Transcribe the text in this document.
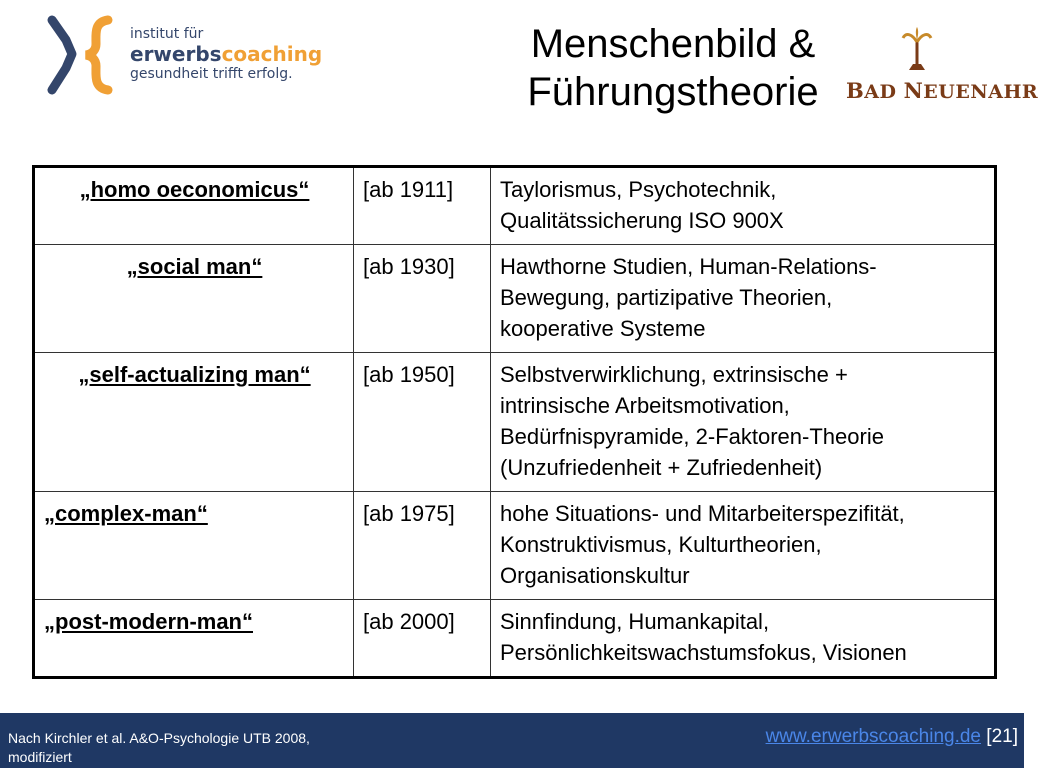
institut für
erwerbscoaching
gesundheit trifft erfolg.
Menschenbild &
Führungstheorie	BAD NEUENAHR
„homo oeconomicus“	[ab 1911]	Taylorismus, Psychotechnik,
Qualitätssicherung ISO 900X

„social man“	[ab 1930]	Hawthorne Studien, Human-Relations-
Bewegung, partizipative Theorien,
kooperative Systeme

„self-actualizing man“	[ab 1950]	Selbstverwirklichung, extrinsische +
intrinsische Arbeitsmotivation,
Bedürfnispyramide, 2-Faktoren-Theorie
(Unzufriedenheit + Zufriedenheit)

„complex-man“	[ab 1975]	hohe Situations- und Mitarbeiterspezifität,
Konstruktivismus, Kulturtheorien,
Organisationskultur

„post-modern-man“	[ab 2000]	Sinnfindung, Humankapital,
Persönlichkeitswachstumsfokus, Visionen
Nach Kirchler et al. A&O-Psychologie UTB 2008,
modifiziert
www.erwerbscoaching.de [21]
